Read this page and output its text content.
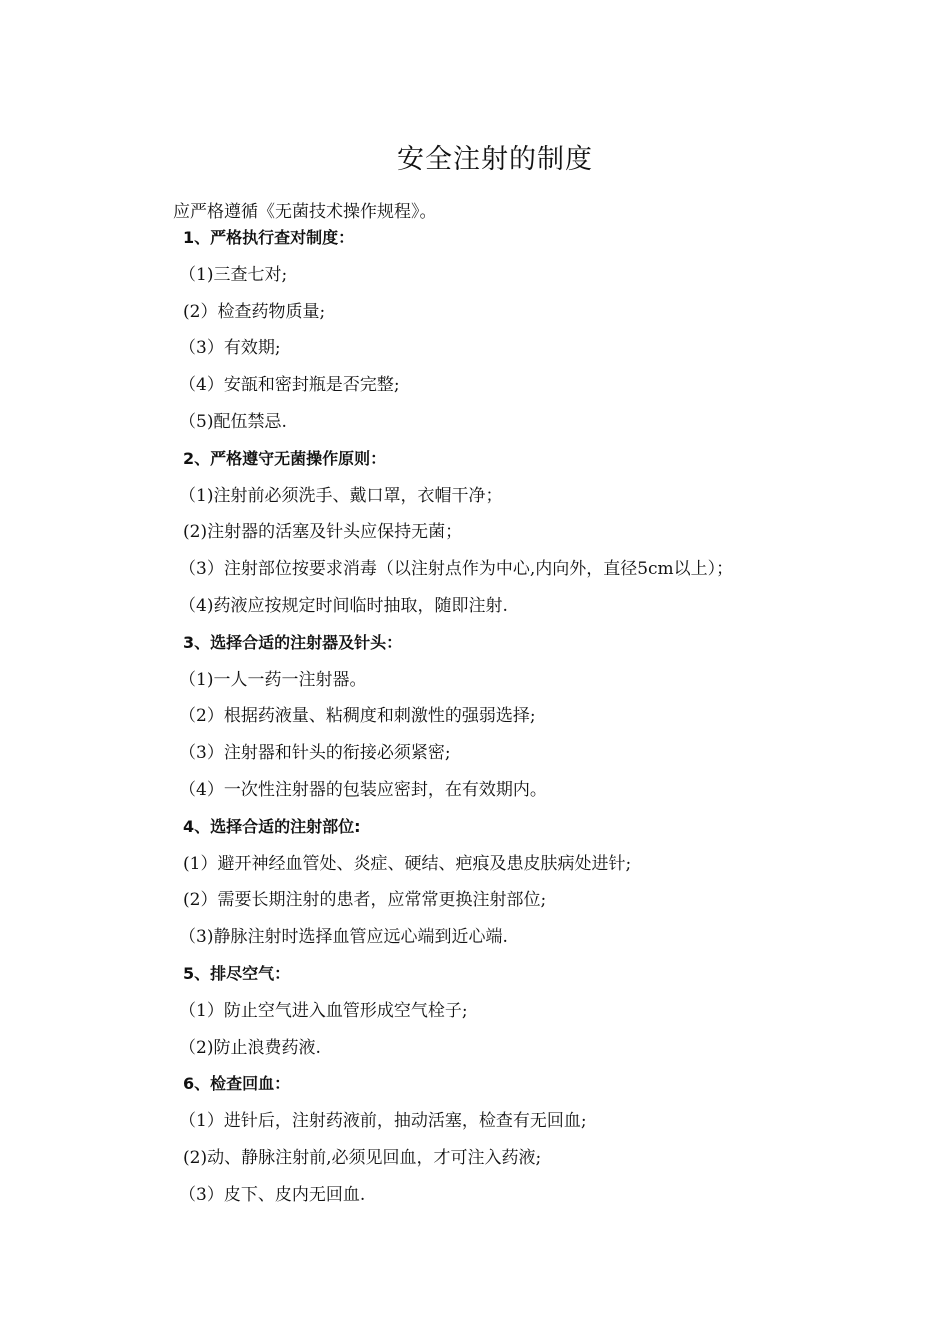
安全注射的制度
应严格遵循《无菌技术操作规程》。
1、严格执行查对制度：
（1)三查七对;
(2）检查药物质量;
（3）有效期;
（4）安瓿和密封瓶是否完整;
（5)配伍禁忌.
2、严格遵守无菌操作原则：
（1)注射前必须洗手、戴口罩，衣帽干净；
(2)注射器的活塞及针头应保持无菌；
（3）注射部位按要求消毒（以注射点作为中心,内向外，直径5cm以上）；
（4)药液应按规定时间临时抽取，随即注射.
3、选择合适的注射器及针头：
（1)一人一药一注射器。
（2）根据药液量、粘稠度和刺激性的强弱选择;
（3）注射器和针头的衔接必须紧密;
（4）一次性注射器的包装应密封，在有效期内。
4、选择合适的注射部位:
(1）避开神经血管处、炎症、硬结、疤痕及患皮肤病处进针;
(2）需要长期注射的患者，应常常更换注射部位;
（3)静脉注射时选择血管应远心端到近心端.
5、排尽空气：
（1）防止空气进入血管形成空气栓子;
（2)防止浪费药液.
6、检查回血：
（1）进针后，注射药液前，抽动活塞，检查有无回血;
(2)动、静脉注射前,必须见回血，才可注入药液;
（3）皮下、皮内无回血.
